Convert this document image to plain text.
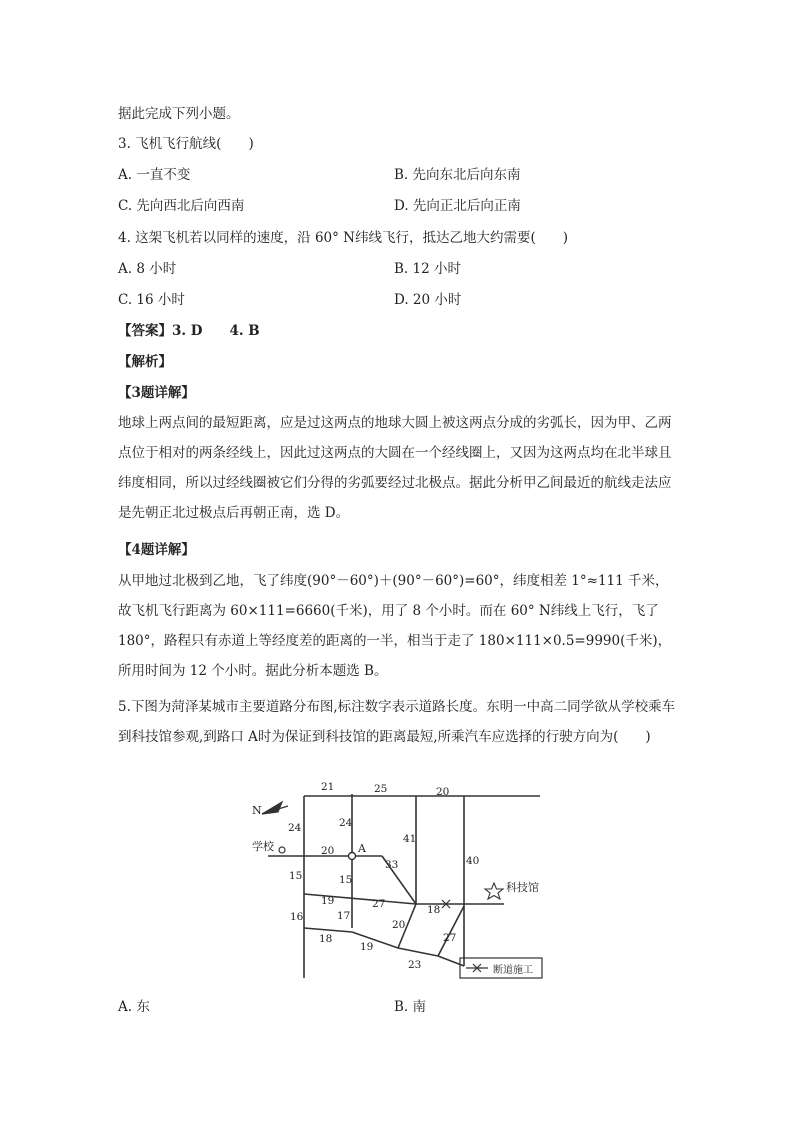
据此完成下列小题。
3. 飞机飞行航线(　　)
A. 一直不变	B. 先向东北后向东南
C. 先向西北后向西南	D. 先向正北后向正南
4. 这架飞机若以同样的速度，沿 60° N纬线飞行，抵达乙地大约需要(　　)
A. 8 小时	B. 12 小时
C. 16 小时	D. 20 小时
【答案】3. D　　4. B
【解析】
【3题详解】
地球上两点间的最短距离，应是过这两点的地球大圆上被这两点分成的劣弧长，因为甲、乙两点位于相对的两条经线上，因此过这两点的大圆在一个经线圈上，又因为这两点均在北半球且纬度相同，所以过经线圈被它们分得的劣弧要经过北极点。据此分析甲乙间最近的航线走法应是先朝正北过极点后再朝正南，选 D。
【4题详解】
从甲地过北极到乙地，飞了纬度(90°－60°)＋(90°－60°)=60°，纬度相差 1°≈111 千米，故飞机飞行距离为 60×111=6660(千米)，用了 8 个小时。而在 60° N纬线上飞行，飞了 180°，路程只有赤道上等经度差的距离的一半，相当于走了 180×111×0.5=9990(千米)，所用时间为 12 个小时。据此分析本题选 B。
5.下图为菏泽某城市主要道路分布图,标注数字表示道路长度。东明一中高二同学欲从学校乘车到科技馆参观,到路口 A时为保证到科技馆的距离最短,所乘汽车应选择的行驶方向为(　　)
N
学校	A
科技馆
断道施工
21	25	20
24	24
41
20
33	40
15	15
19
17
27	18
16
20
18
19
27
23
A. 东	B. 南
